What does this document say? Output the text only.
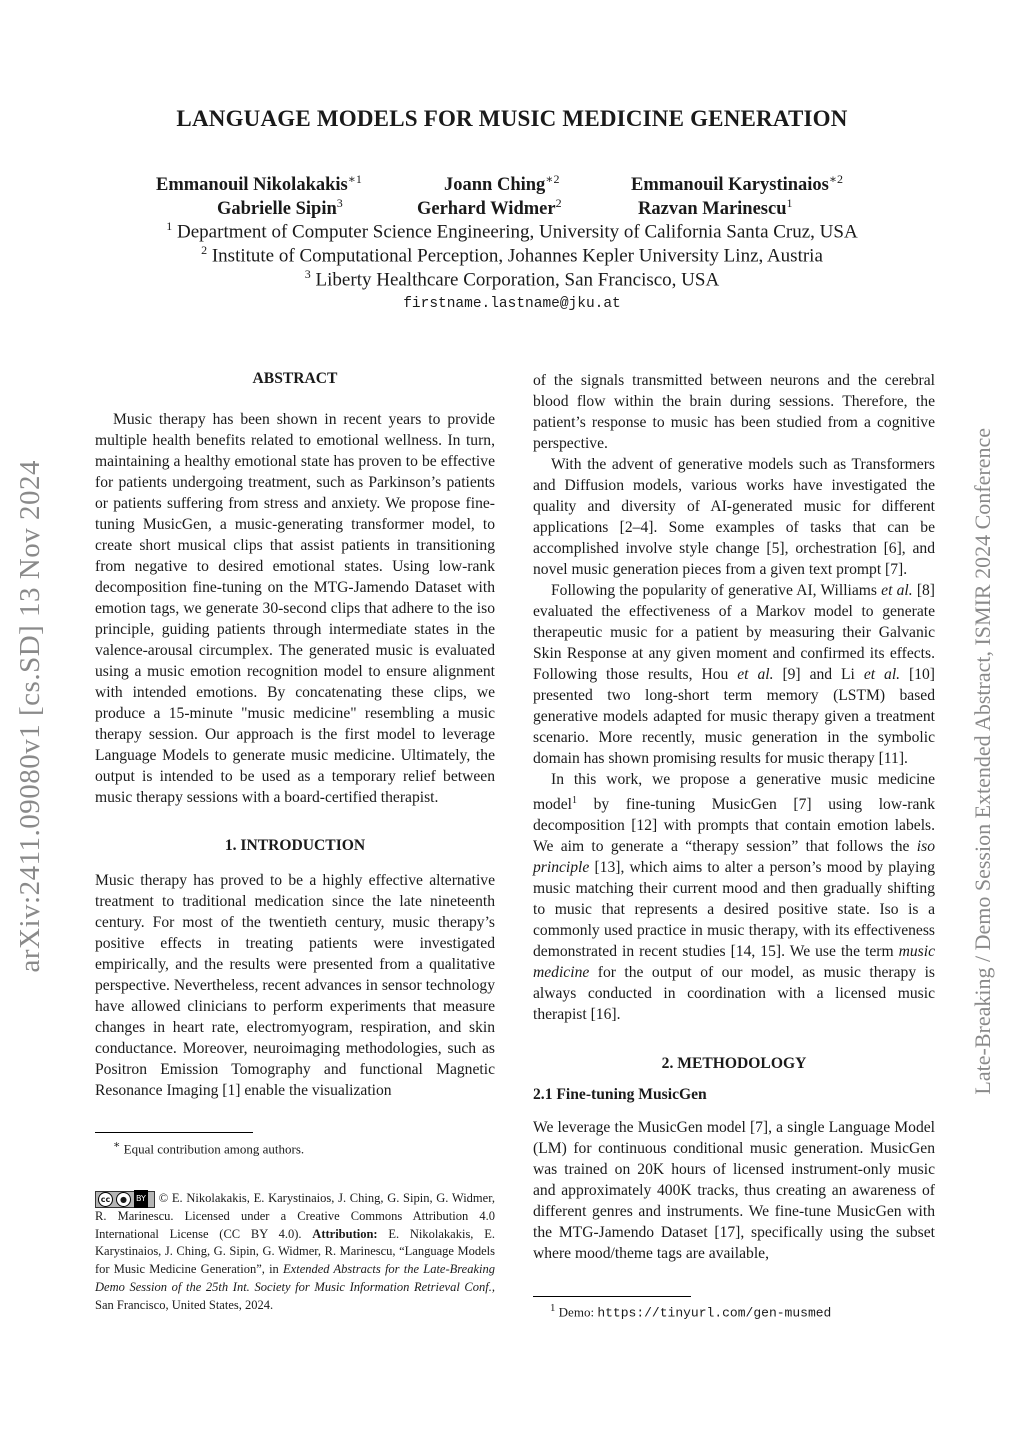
arXiv:2411.09080v1 [cs.SD] 13 Nov 2024	Late-Breaking / Demo Session Extended Abstract, ISMIR 2024 Conference
LANGUAGE MODELS FOR MUSIC MEDICINE GENERATION
Emmanouil Nikolakakis$^{∗1}$	Joann Ching$^{∗2}$	Emmanouil Karystinaios$^{∗2}$
Gabrielle Sipin$^3$	Gerhard Widmer$^2$	Razvan Marinescu$^1$
$^1$ Department of Computer Science Engineering, University of California Santa Cruz, USA
$^2$ Institute of Computational Perception, Johannes Kepler University Linz, Austria
$^3$ Liberty Healthcare Corporation, San Francisco, USA
firstname.lastname@jku.at

ABSTRACT

Music therapy has been shown in recent years to provide multiple health benefits related to emotional wellness. In turn, maintaining a healthy emotional state has proven to be effective for patients undergoing treatment, such as Parkinson’s patients or patients suffering from stress and anxiety. We propose fine-tuning MusicGen, a music-generating transformer model, to create short musical clips that assist patients in transitioning from negative to desired emotional states. Using low-rank decomposition fine-tuning on the MTG-Jamendo Dataset with emotion tags, we generate 30-second clips that adhere to the iso principle, guiding patients through intermediate states in the valence-arousal circumplex. The generated music is evaluated using a music emotion recognition model to ensure alignment with intended emotions. By concatenating these clips, we produce a 15-minute "music medicine" resembling a music therapy session. Our approach is the first model to leverage Language Models to generate music medicine. Ultimately, the output is intended to be used as a temporary relief between music therapy sessions with a board-certified therapist.

1. INTRODUCTION

Music therapy has proved to be a highly effective alternative treatment to traditional medication since the late nineteenth century. For most of the twentieth century, music therapy’s positive effects in treating patients were investigated empirically, and the results were presented from a qualitative perspective. Nevertheless, recent advances in sensor technology have allowed clinicians to perform experiments that measure changes in heart rate, electromyogram, respiration, and skin conductance. Moreover, neuroimaging methodologies, such as Positron Emission Tomography and functional Magnetic Resonance Imaging [1] enable the visualization

∗ Equal contribution among authors.
cc	●	BY © E. Nikolakakis, E. Karystinaios, J. Ching, G. Sipin, G. Widmer, R. Marinescu. Licensed under a Creative Commons Attribution 4.0 International License (CC BY 4.0). Attribution: E. Nikolakakis, E. Karystinaios, J. Ching, G. Sipin, G. Widmer, R. Marinescu, “Language Models for Music Medicine Generation”, in Extended Abstracts for the Late-Breaking Demo Session of the 25th Int. Society for Music Information Retrieval Conf., San Francisco, United States, 2024.

of the signals transmitted between neurons and the cerebral blood flow within the brain during sessions. Therefore, the patient’s response to music has been studied from a cognitive perspective.

With the advent of generative models such as Transformers and Diffusion models, various works have investigated the quality and diversity of AI-generated music for different applications [2–4]. Some examples of tasks that can be accomplished involve style change [5], orchestration [6], and novel music generation pieces from a given text prompt [7].

Following the popularity of generative AI, Williams et al. [8] evaluated the effectiveness of a Markov model to generate therapeutic music for a patient by measuring their Galvanic Skin Response at any given moment and confirmed its effects. Following those results, Hou et al. [9] and Li et al. [10] presented two long-short term memory (LSTM) based generative models adapted for music therapy given a treatment scenario. More recently, music generation in the symbolic domain has shown promising results for music therapy [11].

In this work, we propose a generative music medicine model$^1$ by fine-tuning MusicGen [7] using low-rank decomposition [12] with prompts that contain emotion labels. We aim to generate a “therapy session” that follows the iso principle [13], which aims to alter a person’s mood by playing music matching their current mood and then gradually shifting to music that represents a desired positive state. Iso is a commonly used practice in music therapy, with its effectiveness demonstrated in recent studies [14, 15]. We use the term music medicine for the output of our model, as music therapy is always conducted in coordination with a licensed music therapist [16].

2. METHODOLOGY

2.1 Fine-tuning MusicGen

We leverage the MusicGen model [7], a single Language Model (LM) for continuous conditional music generation. MusicGen was trained on 20K hours of licensed instrument-only music and approximately 400K tracks, thus creating an awareness of different genres and instruments. We fine-tune MusicGen with the MTG-Jamendo Dataset [17], specifically using the subset where mood/theme tags are available,

$^1$ Demo: https://tinyurl.com/gen-musmed
